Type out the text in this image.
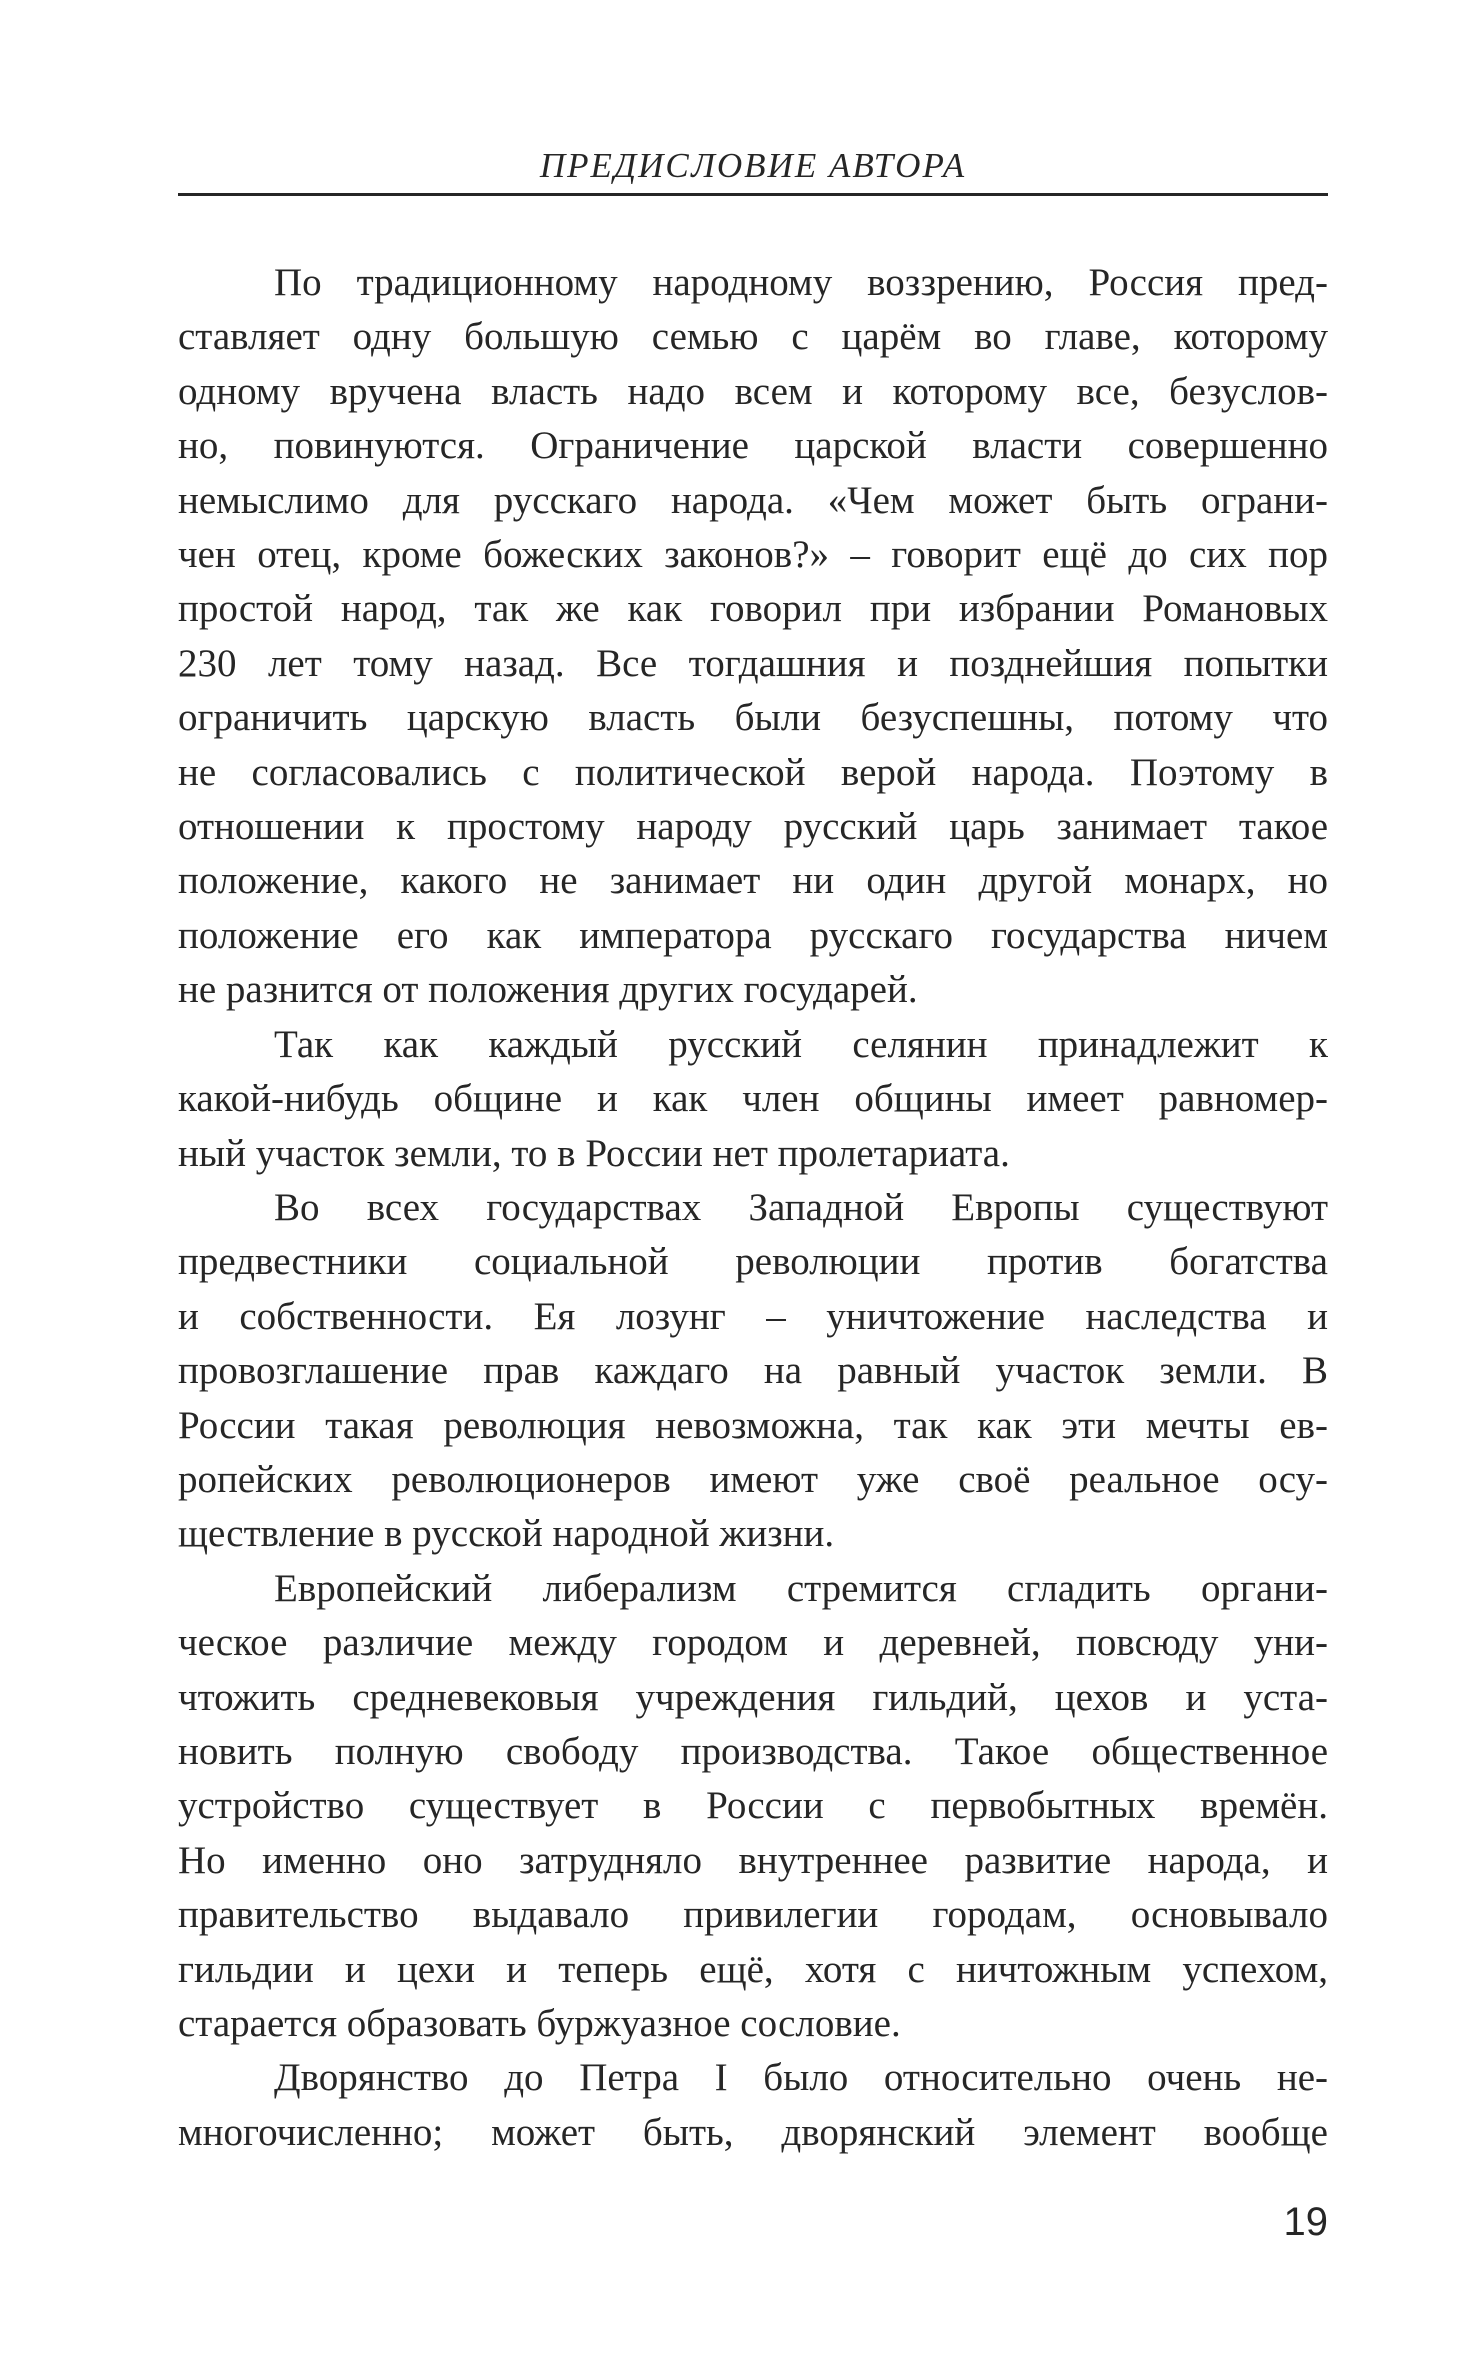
ПРЕДИСЛОВИЕ АВТОРА

По традиционному народному воззрению, Россия пред-
ставляет одну большую семью с царём во главе, которому
одному вручена власть надо всем и которому все, безуслов-
но, повинуются. Ограничение царской власти совершенно
немыслимо для русскаго народа. «Чем может быть ограни-
чен отец, кроме божеских законов?» – говорит ещё до сих пор
простой народ, так же как говорил при избрании Романовых
230 лет тому назад. Все тогдашния и позднейшия попытки
ограничить царскую власть были безуспешны, потому что
не согласовались с политической верой народа. Поэтому в
отношении к простому народу русский царь занимает такое
положение, какого не занимает ни один другой монарх, но
положение его как императора русскаго государства ничем
не разнится от положения других государей.

Так как каждый русский селянин принадлежит к
какой-нибудь общине и как член общины имеет равномер-
ный участок земли, то в России нет пролетариата.

Во всех государствах Западной Европы существуют
предвестники социальной революции против богатства
и собственности. Ея лозунг – уничтожение наследства и
провозглашение прав каждаго на равный участок земли. В
России такая революция невозможна, так как эти мечты ев-
ропейских революционеров имеют уже своё реальное осу-
ществление в русской народной жизни.

Европейский либерализм стремится сгладить органи-
ческое различие между городом и деревней, повсюду уни-
чтожить средневековыя учреждения гильдий, цехов и уста-
новить полную свободу производства. Такое общественное
устройство существует в России с первобытных времён.
Но именно оно затрудняло внутреннее развитие народа, и
правительство выдавало привилегии городам, основывало
гильдии и цехи и теперь ещё, хотя с ничтожным успехом,
старается образовать буржуазное сословие.

Дворянство до Петра I было относительно очень не-
многочисленно; может быть, дворянский элемент вообще

19
